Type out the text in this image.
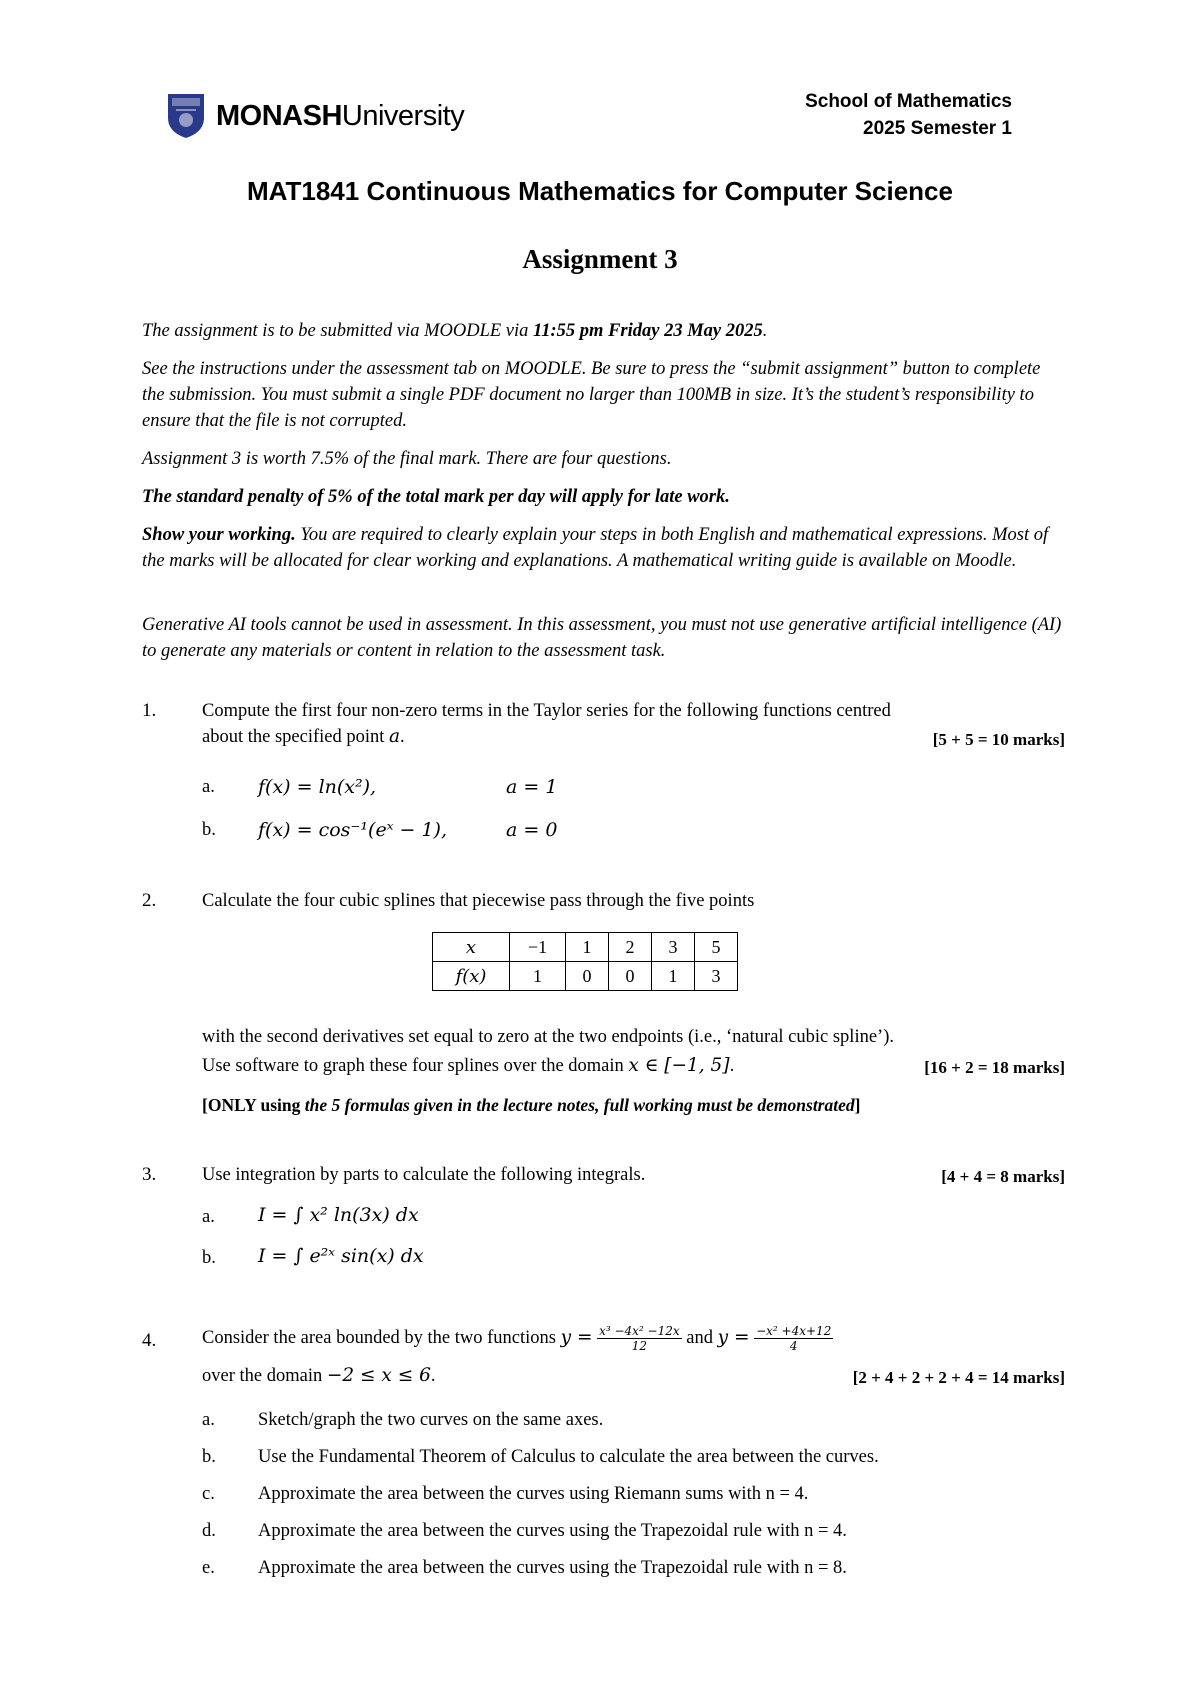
MONASHUniversity	School of Mathematics
2025 Semester 1
MAT1841 Continuous Mathematics for Computer Science
Assignment 3
The assignment is to be submitted via MOODLE via 11:55 pm Friday 23 May 2025.
See the instructions under the assessment tab on MOODLE. Be sure to press the “submit assignment” button to complete the submission. You must submit a single PDF document no larger than 100MB in size. It’s the student’s responsibility to ensure that the file is not corrupted.
Assignment 3 is worth 7.5% of the final mark. There are four questions.
The standard penalty of 5% of the total mark per day will apply for late work.
Show your working. You are required to clearly explain your steps in both English and mathematical expressions. Most of the marks will be allocated for clear working and explanations. A mathematical writing guide is available on Moodle.
Generative AI tools cannot be used in assessment. In this assessment, you must not use generative artificial intelligence (AI) to generate any materials or content in relation to the assessment task.
1. Compute the first four non-zero terms in the Taylor series for the following functions centred
about the specified point a.	[5 + 5 = 10 marks]
a. f(x) = ln(x²),	a = 1
b. f(x) = cos⁻¹(eˣ − 1),	a = 0
2. Calculate the four cubic splines that piecewise pass through the five points
x	−1	1	2	3	5
f(x)	1	0	0	1	3
with the second derivatives set equal to zero at the two endpoints (i.e., ‘natural cubic spline’).
Use software to graph these four splines over the domain x ∈ [−1, 5].	[16 + 2 = 18 marks]
[ONLY using the 5 formulas given in the lecture notes, full working must be demonstrated]
3. Use integration by parts to calculate the following integrals.	[4 + 4 = 8 marks]
a. I = ∫ x² ln(3x) dx
b. I = ∫ e²ˣ sin(x) dx
4. Consider the area bounded by the two functions $y = \frac{\text{x³ −4x² −12x}}{12}$ and $y = \frac{\text{−x² +4x+12}}{4}$
over the domain −2 ≤ x ≤ 6.	[2 + 4 + 2 + 2 + 4 = 14 marks]
a. Sketch/graph the two curves on the same axes.
b. Use the Fundamental Theorem of Calculus to calculate the area between the curves.
c. Approximate the area between the curves using Riemann sums with n = 4.
d. Approximate the area between the curves using the Trapezoidal rule with n = 4.
e. Approximate the area between the curves using the Trapezoidal rule with n = 8.
